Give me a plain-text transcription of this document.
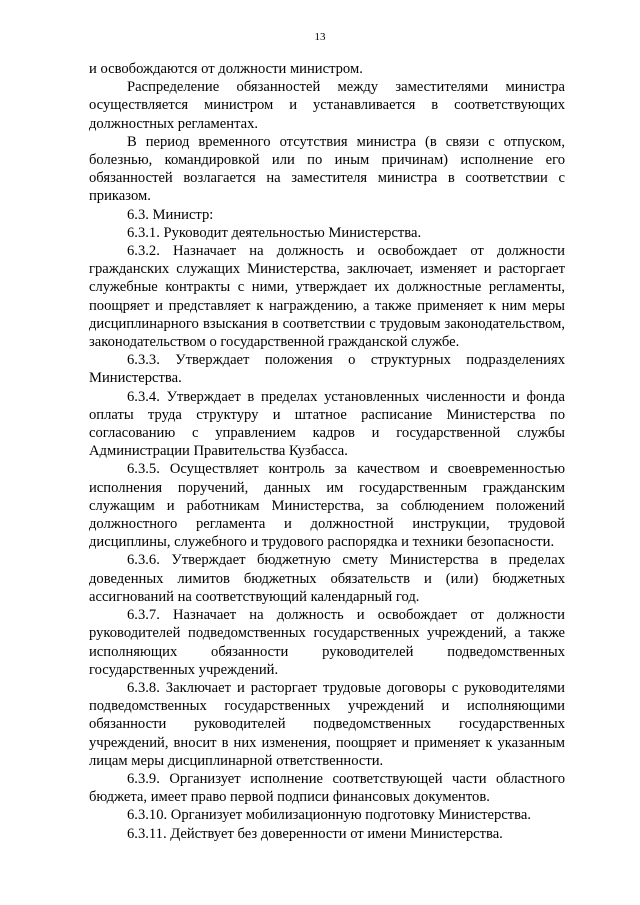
13

и освобождаются от должности министром.

Распределение обязанностей между заместителями министра осуществляется министром и устанавливается в соответствующих должностных регламентах.

В период временного отсутствия министра (в связи с отпуском, болезнью, командировкой или по иным причинам) исполнение его обязанностей возлагается на заместителя министра в соответствии с приказом.

6.3. Министр:

6.3.1. Руководит деятельностью Министерства.

6.3.2. Назначает на должность и освобождает от должности гражданских служащих Министерства, заключает, изменяет и расторгает служебные контракты с ними, утверждает их должностные регламенты, поощряет и представляет к награждению, а также применяет к ним меры дисциплинарного взыскания в соответствии с трудовым законодательством, законодательством о государственной гражданской службе.

6.3.3. Утверждает положения о структурных подразделениях Министерства.

6.3.4. Утверждает в пределах установленных численности и фонда оплаты труда структуру и штатное расписание Министерства по согласованию с управлением кадров и государственной службы Администрации Правительства Кузбасса.

6.3.5. Осуществляет контроль за качеством и своевременностью исполнения поручений, данных им государственным гражданским служащим и работникам Министерства, за соблюдением положений должностного регламента и должностной инструкции, трудовой дисциплины, служебного и трудового распорядка и техники безопасности.

6.3.6. Утверждает бюджетную смету Министерства в пределах доведенных лимитов бюджетных обязательств и (или) бюджетных ассигнований на соответствующий календарный год.

6.3.7. Назначает на должность и освобождает от должности руководителей подведомственных государственных учреждений, а также исполняющих обязанности руководителей подведомственных государственных учреждений.

6.3.8. Заключает и расторгает трудовые договоры с руководителями подведомственных государственных учреждений и исполняющими обязанности руководителей подведомственных государственных учреждений, вносит в них изменения, поощряет и применяет к указанным лицам меры дисциплинарной ответственности.

6.3.9. Организует исполнение соответствующей части областного бюджета, имеет право первой подписи финансовых документов.

6.3.10. Организует мобилизационную подготовку Министерства.

6.3.11. Действует без доверенности от имени Министерства.
